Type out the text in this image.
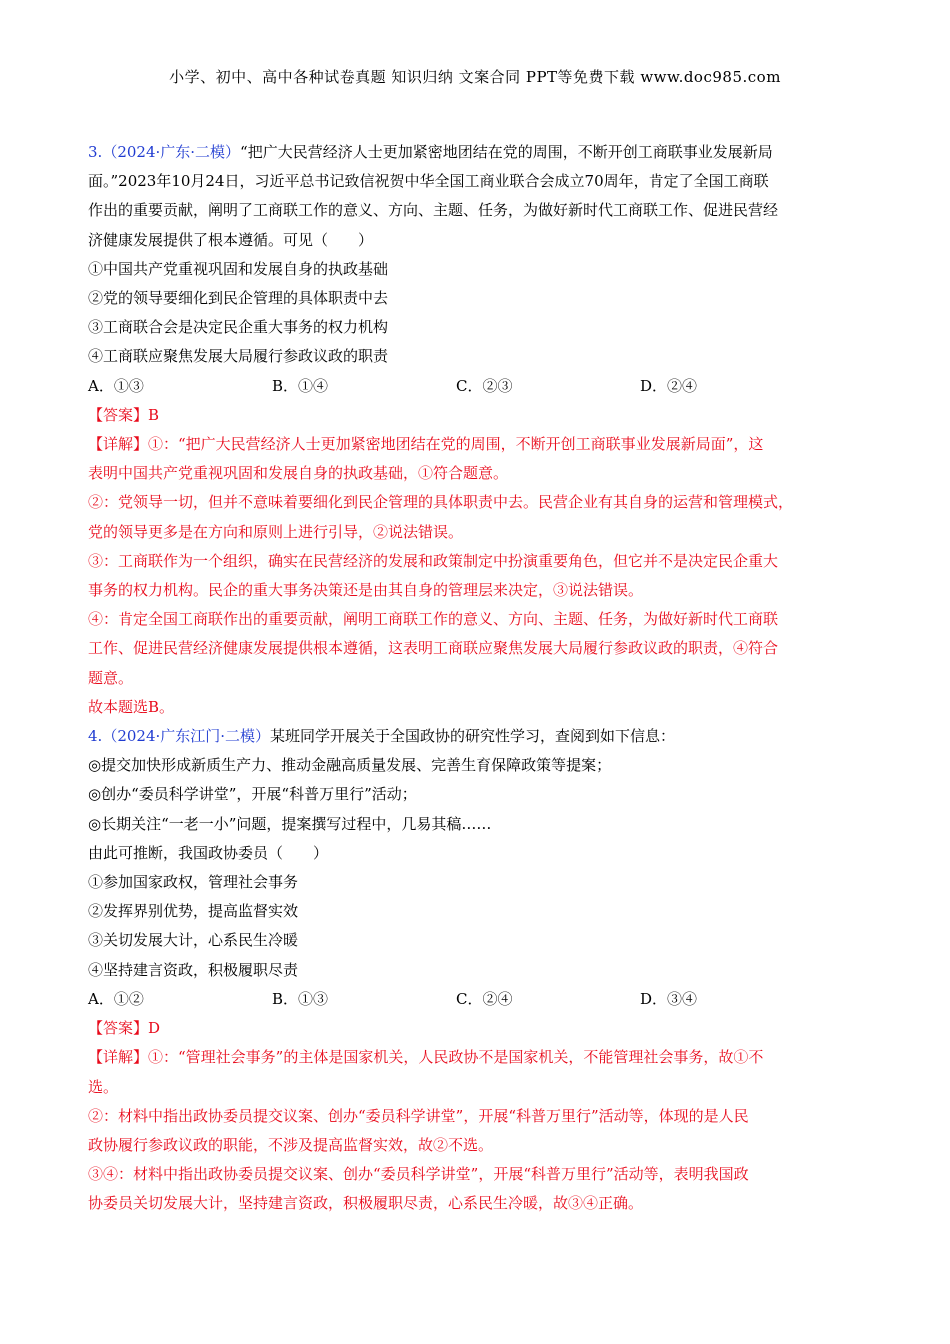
小学、初中、高中各种试卷真题 知识归纳 文案合同 PPT等免费下载 www.doc985.com

3.（2024·广东·二模）“把广大民营经济人士更加紧密地团结在党的周围，不断开创工商联事业发展新局

面。”2023年10月24日，习近平总书记致信祝贺中华全国工商业联合会成立70周年，肯定了全国工商联

作出的重要贡献，阐明了工商联工作的意义、方向、主题、任务，为做好新时代工商联工作、促进民营经

济健康发展提供了根本遵循。可见（　　）

①中国共产党重视巩固和发展自身的执政基础

②党的领导要细化到民企管理的具体职责中去

③工商联合会是决定民企重大事务的权力机构

④工商联应聚焦发展大局履行参政议政的职责

A．①③	B．①④	C．②③	D．②④

【答案】B

【详解】①：“把广大民营经济人士更加紧密地团结在党的周围，不断开创工商联事业发展新局面”，这

表明中国共产党重视巩固和发展自身的执政基础，①符合题意。

②：党领导一切，但并不意味着要细化到民企管理的具体职责中去。民营企业有其自身的运营和管理模式，

党的领导更多是在方向和原则上进行引导，②说法错误。

③：工商联作为一个组织，确实在民营经济的发展和政策制定中扮演重要角色，但它并不是决定民企重大

事务的权力机构。民企的重大事务决策还是由其自身的管理层来决定，③说法错误。

④：肯定全国工商联作出的重要贡献，阐明工商联工作的意义、方向、主题、任务，为做好新时代工商联

工作、促进民营经济健康发展提供根本遵循，这表明工商联应聚焦发展大局履行参政议政的职责，④符合

题意。

故本题选B。

4.（2024·广东江门·二模）某班同学开展关于全国政协的研究性学习，查阅到如下信息：

◎提交加快形成新质生产力、推动金融高质量发展、完善生育保障政策等提案；

◎创办“委员科学讲堂”，开展“科普万里行”活动；

◎长期关注“一老一小”问题，提案撰写过程中，几易其稿……

由此可推断，我国政协委员（　　）

①参加国家政权，管理社会事务

②发挥界别优势，提高监督实效

③关切发展大计，心系民生冷暖

④坚持建言资政，积极履职尽责

A．①②	B．①③	C．②④	D．③④

【答案】D

【详解】①：“管理社会事务”的主体是国家机关，人民政协不是国家机关，不能管理社会事务，故①不

选。

②：材料中指出政协委员提交议案、创办“委员科学讲堂”，开展“科普万里行”活动等，体现的是人民

政协履行参政议政的职能，不涉及提高监督实效，故②不选。

③④：材料中指出政协委员提交议案、创办“委员科学讲堂”，开展“科普万里行”活动等，表明我国政

协委员关切发展大计，坚持建言资政，积极履职尽责，心系民生冷暖，故③④正确。
